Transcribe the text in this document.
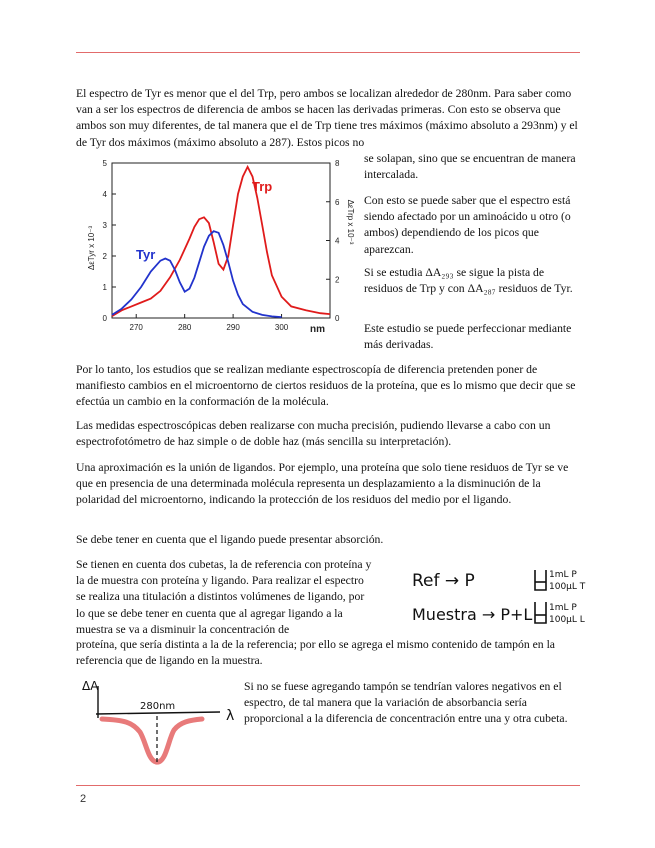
El espectro de Tyr es menor que el del Trp, pero ambos se localizan alrededor de 280nm. Para saber como van a ser los espectros de diferencia de ambos se hacen las derivadas primeras. Con esto se observa que ambos son muy diferentes, de tal manera que el de Trp tiene tres máximos (máximo absoluto a 293nm) y el de Tyr dos máximos (máximo absoluto a 287). Estos picos no

0
1
2
3
4
5
0
2
4
6
8
270	280	290	300
Trp
Tyr
nm
ΔεTyr x 10⁻³
ΔεTrp x 10⁻³

se solapan, sino que se encuentran de manera intercalada.

Con esto se puede saber que el espectro está siendo afectado por un aminoácido u otro (o ambos) dependiendo de los picos que aparezcan.

Si se estudia ΔA₂₉₃ se sigue la pista de residuos de Trp y con ΔA₂₈₇ residuos de Tyr.

Este estudio se puede perfeccionar mediante más derivadas.

Por lo tanto, los estudios que se realizan mediante espectroscopía de diferencia pretenden poner de manifiesto cambios en el microentorno de ciertos residuos de la proteína, que es lo mismo que decir que se efectúa un cambio en la conformación de la molécula.

Las medidas espectroscópicas deben realizarse con mucha precisión, pudiendo llevarse a cabo con un espectrofotómetro de haz simple o de doble haz (más sencilla su interpretación).

Una aproximación es la unión de ligandos. Por ejemplo, una proteína que solo tiene residuos de Tyr se ve que en presencia de una determinada molécula representa un desplazamiento a la disminución de la polaridad del microentorno, indicando la protección de los residuos del medio por el ligando.

Se debe tener en cuenta que el ligando puede presentar absorción.

Se tienen en cuenta dos cubetas, la de referencia con proteína y la de muestra con proteína y ligando. Para realizar el espectro se realiza una titulación a distintos volúmenes de ligando, por lo que se debe tener en cuenta que al agregar ligando a la muestra se va a disminuir la concentración de

proteína, que sería distinta a la de la referencia; por ello se agrega el mismo contenido de tampón en la referencia que de ligando en la muestra.

Ref → P	1mL P
100μL T
Muestra → P+L 1mL P
100μL L
ΔA
280nm
λ

Si no se fuese agregando tampón se tendrían valores negativos en el espectro, de tal manera que la variación de absorbancia sería proporcional a la diferencia de concentración entre una y otra cubeta.

2
